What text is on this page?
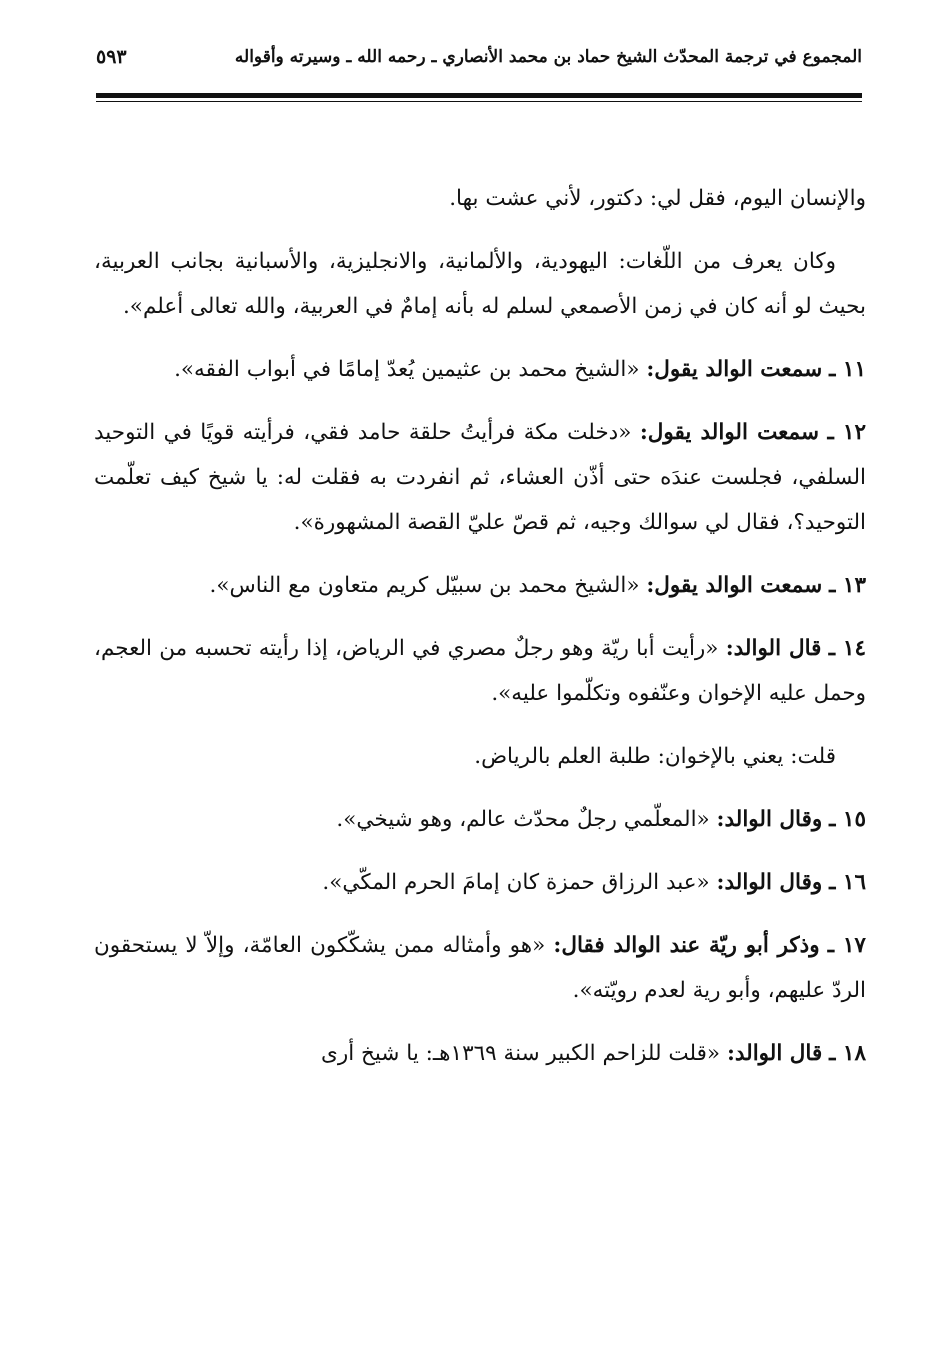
المجموع في ترجمة المحدّث الشيخ حماد بن محمد الأنصاري ـ رحمه الله ـ وسيرته وأقواله
٥٩٣

والإنسان اليوم، فقل لي: دكتور، لأني عشت بها.

وكان يعرف من اللّغات: اليهودية، والألمانية، والانجليزية، والأسبانية بجانب العربية، بحيث لو أنه كان في زمن الأصمعي لسلم له بأنه إمامٌ في العربية، والله تعالى أعلم».

١١ ـ سمعت الوالد يقول: «الشيخ محمد بن عثيمين يُعدّ إمامًا في أبواب الفقه».

١٢ ـ سمعت الوالد يقول: «دخلت مكة فرأيتُ حلقة حامد فقي، فرأيته قويًا في التوحيد السلفي، فجلست عندَه حتى أذّن العشاء، ثم انفردت به فقلت له: يا شيخ كيف تعلّمت التوحيد؟، فقال لي سوالك وجيه، ثم قصّ عليّ القصة المشهورة».

١٣ ـ سمعت الوالد يقول: «الشيخ محمد بن سبيّل كريم متعاون مع الناس».

١٤ ـ قال الوالد: «رأيت أبا ريّة وهو رجلٌ مصري في الرياض، إذا رأيته تحسبه من العجم، وحمل عليه الإخوان وعنّفوه وتكلّموا عليه».

قلت: يعني بالإخوان: طلبة العلم بالرياض.

١٥ ـ وقال الوالد: «المعلّمي رجلٌ محدّث عالم، وهو شيخي».

١٦ ـ وقال الوالد: «عبد الرزاق حمزة كان إمامَ الحرم المكّي».

١٧ ـ وذكر أبو ريّة عند الوالد فقال: «هو وأمثاله ممن يشكّكون العامّة، وإلاّ لا يستحقون الردّ عليهم، وأبو رية لعدم رويّته».

١٨ ـ قال الوالد: «قلت للزاحم الكبير سنة ١٣٦٩هـ: يا شيخ أرى
